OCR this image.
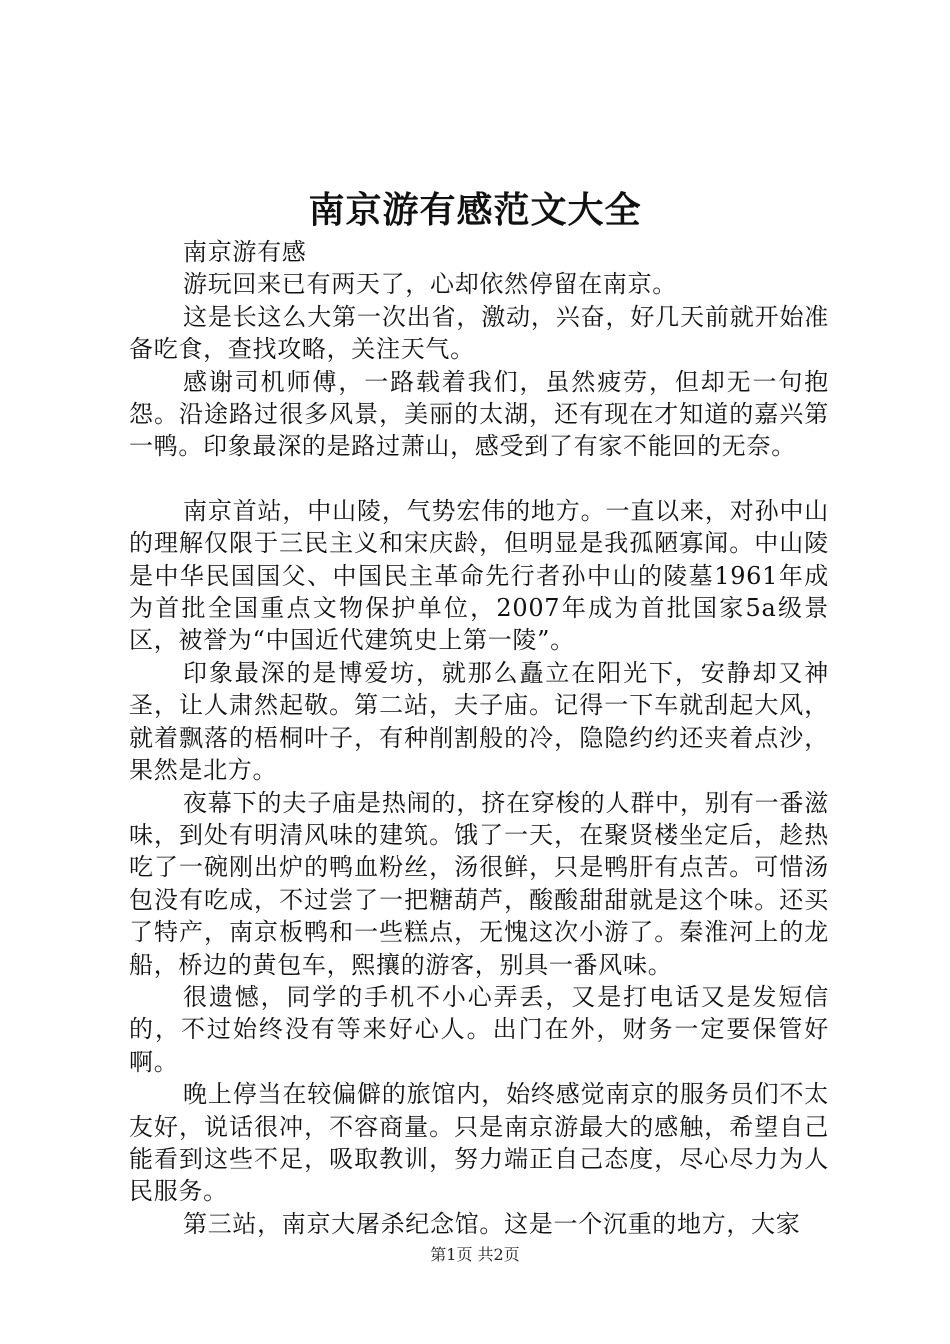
南京游有感范文大全

南京游有感

游玩回来已有两天了，心却依然停留在南京。

这是长这么大第一次出省，激动，兴奋，好几天前就开始准备吃食，查找攻略，关注天气。

感谢司机师傅，一路载着我们，虽然疲劳，但却无一句抱怨。沿途路过很多风景，美丽的太湖，还有现在才知道的嘉兴第一鸭。印象最深的是路过萧山，感受到了有家不能回的无奈。

南京首站，中山陵，气势宏伟的地方。一直以来，对孙中山的理解仅限于三民主义和宋庆龄，但明显是我孤陋寡闻。中山陵是中华民国国父、中国民主革命先行者孙中山的陵墓1961年成为首批全国重点文物保护单位，2007年成为首批国家5a级景区，被誉为“中国近代建筑史上第一陵”。

印象最深的是博爱坊，就那么矗立在阳光下，安静却又神圣，让人肃然起敬。第二站，夫子庙。记得一下车就刮起大风，就着飘落的梧桐叶子，有种削割般的冷，隐隐约约还夹着点沙，果然是北方。

夜幕下的夫子庙是热闹的，挤在穿梭的人群中，别有一番滋味，到处有明清风味的建筑。饿了一天，在聚贤楼坐定后，趁热吃了一碗刚出炉的鸭血粉丝，汤很鲜，只是鸭肝有点苦。可惜汤包没有吃成，不过尝了一把糖葫芦，酸酸甜甜就是这个味。还买了特产，南京板鸭和一些糕点，无愧这次小游了。秦淮河上的龙船，桥边的黄包车，熙攘的游客，别具一番风味。

很遗憾，同学的手机不小心弄丢，又是打电话又是发短信的，不过始终没有等来好心人。出门在外，财务一定要保管好啊。

晚上停当在较偏僻的旅馆内，始终感觉南京的服务员们不太友好，说话很冲，不容商量。只是南京游最大的感触，希望自己能看到这些不足，吸取教训，努力端正自己态度，尽心尽力为人民服务。

第三站，南京大屠杀纪念馆。这是一个沉重的地方，大家

第1页 共2页
